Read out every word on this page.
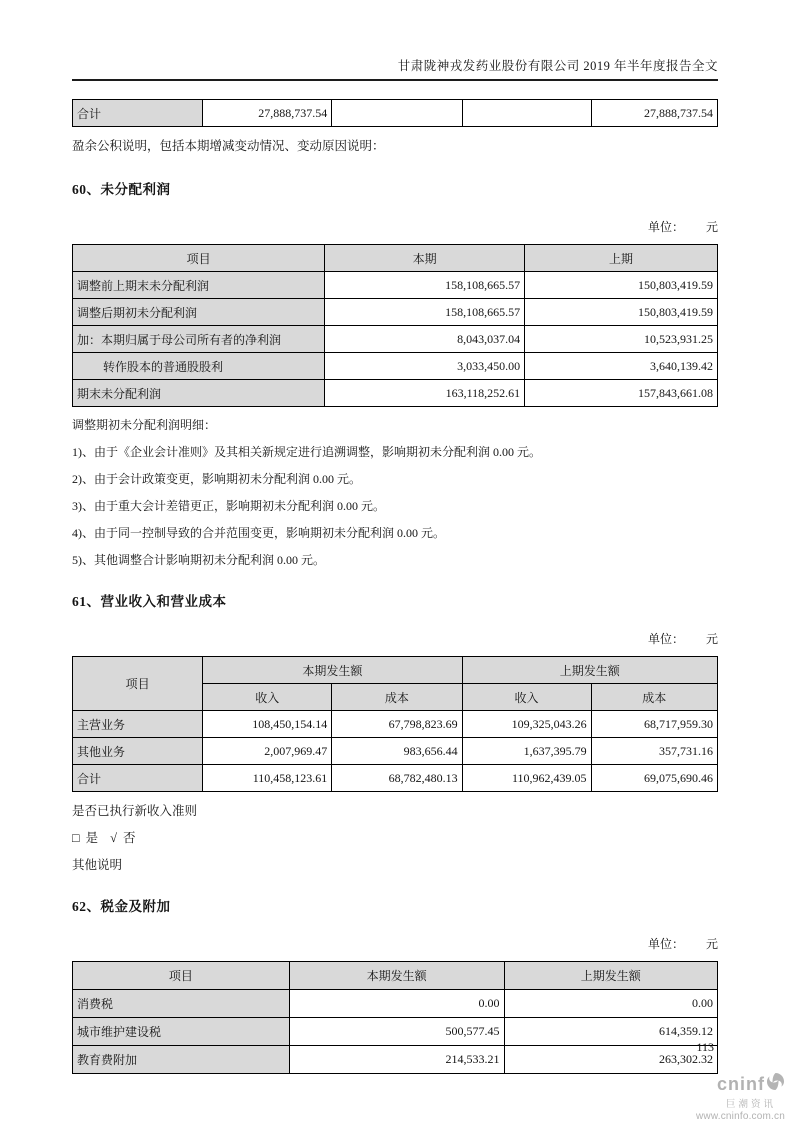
甘肃陇神戎发药业股份有限公司 2019 年半年度报告全文
合计	27,888,737.54			27,888,737.54
盈余公积说明，包括本期增减变动情况、变动原因说明：
60、未分配利润
单位： 元
项目	本期	上期
调整前上期末未分配利润	158,108,665.57	150,803,419.59
调整后期初未分配利润	158,108,665.57	150,803,419.59
加：本期归属于母公司所有者的净利润	8,043,037.04	10,523,931.25
转作股本的普通股股利	3,033,450.00	3,640,139.42
期末未分配利润	163,118,252.61	157,843,661.08
调整期初未分配利润明细：
1)、由于《企业会计准则》及其相关新规定进行追溯调整，影响期初未分配利润 0.00 元。
2)、由于会计政策变更，影响期初未分配利润 0.00 元。
3)、由于重大会计差错更正，影响期初未分配利润 0.00 元。
4)、由于同一控制导致的合并范围变更，影响期初未分配利润 0.00 元。
5)、其他调整合计影响期初未分配利润 0.00 元。
61、营业收入和营业成本
单位： 元
项目	本期发生额		上期发生额	
	收入	成本	收入	成本
主营业务	108,450,154.14	67,798,823.69	109,325,043.26	68,717,959.30
其他业务	2,007,969.47	983,656.44	1,637,395.79	357,731.16
合计	110,458,123.61	68,782,480.13	110,962,439.05	69,075,690.46
是否已执行新收入准则
□ 是 √ 否
其他说明
62、税金及附加
单位： 元
项目	本期发生额	上期发生额
消费税	0.00	0.00
城市维护建设税	500,577.45	614,359.12
教育费附加	214,533.21	263,302.32
113
cninf
巨潮资讯
www.cninfo.com.cn
